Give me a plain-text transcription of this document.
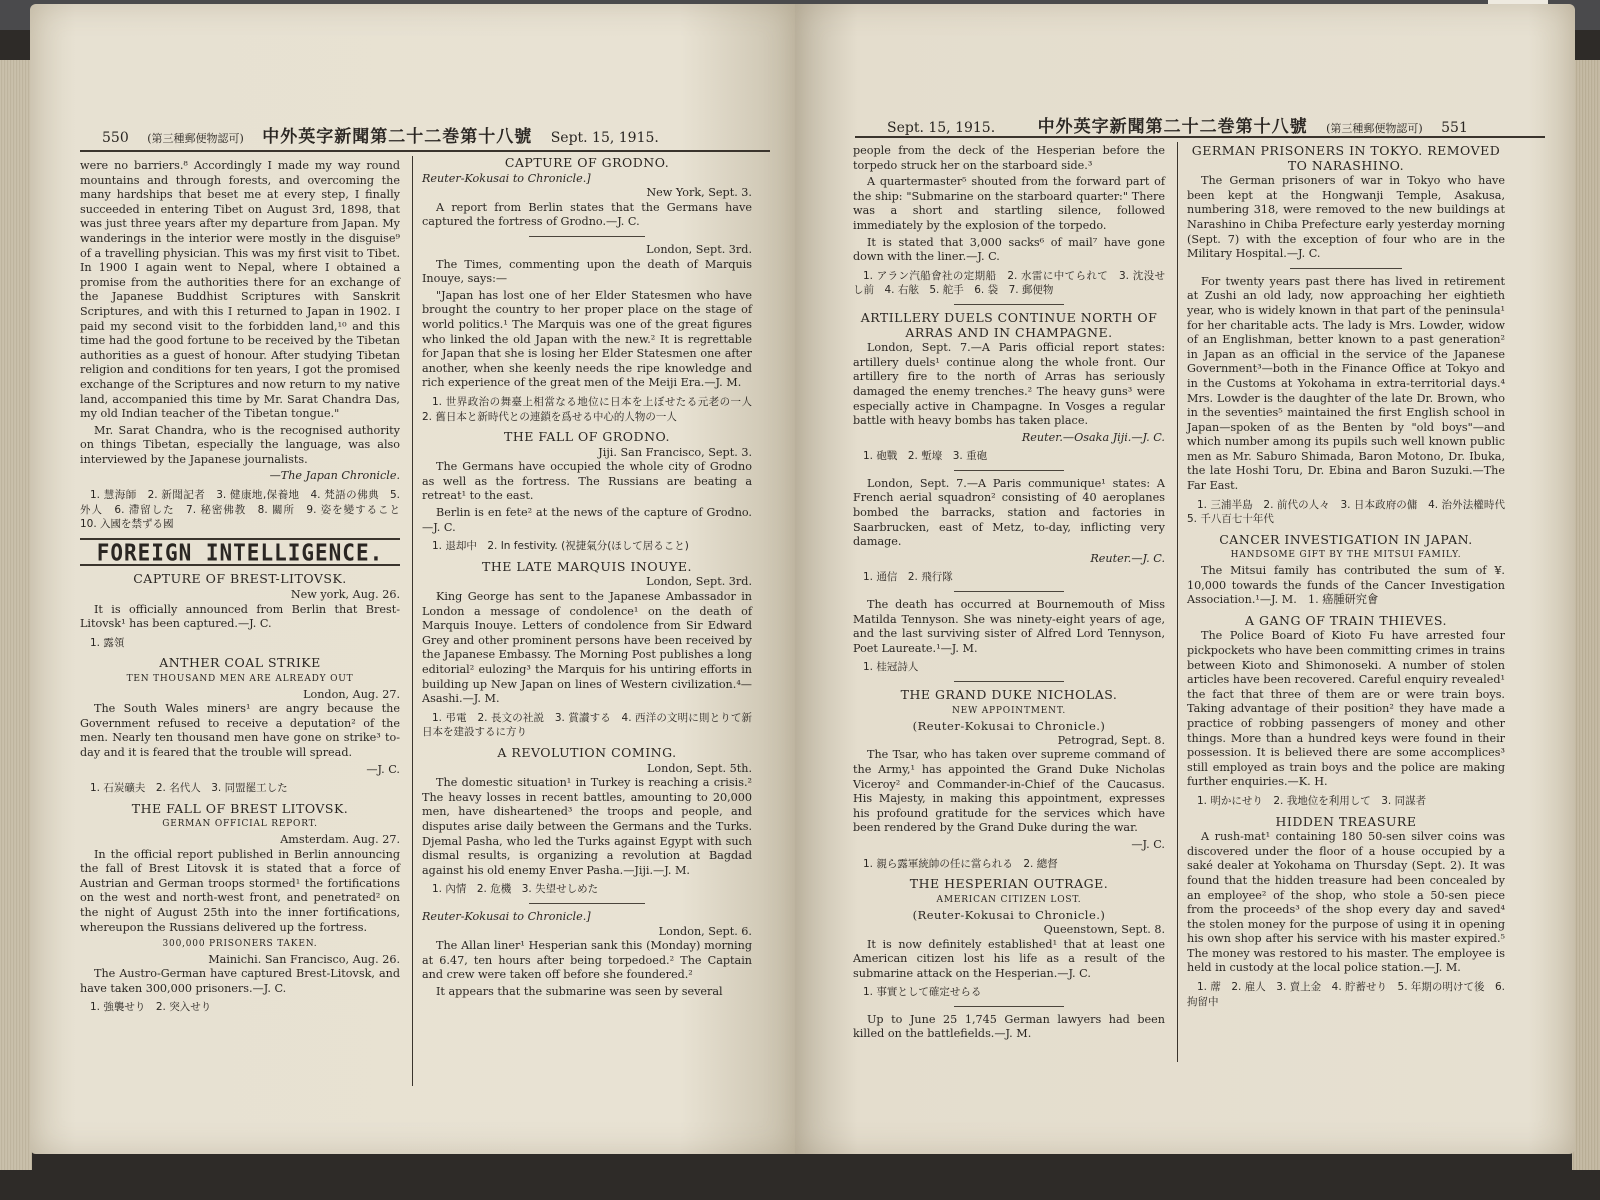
550 (第三種郵便物認可) 中外英字新聞第二十二巻第十八號 Sept. 15, 1915.

were no barriers.⁸ Accordingly I made my way round mountains and through forests, and overcoming the many hardships that beset me at every step, I finally succeeded in entering Tibet on August 3rd, 1898, that was just three years after my departure from Japan. My wanderings in the interior were mostly in the disguise⁹ of a travelling physician. This was my first visit to Tibet. In 1900 I again went to Nepal, where I obtained a promise from the authorities there for an exchange of the Japanese Buddhist Scriptures with Sanskrit Scriptures, and with this I returned to Japan in 1902. I paid my second visit to the forbidden land,¹⁰ and this time had the good fortune to be received by the Tibetan authorities as a guest of honour. After studying Tibetan religion and conditions for ten years, I got the promised exchange of the Scriptures and now return to my native land, accompanied this time by Mr. Sarat Chandra Das, my old Indian teacher of the Tibetan tongue."

Mr. Sarat Chandra, who is the recognised authority on things Tibetan, especially the language, was also interviewed by the Japanese journalists.

—The Japan Chronicle.

1. 慧海師　2. 新聞記者　3. 健康地,保養地　4. 梵語の佛典　5. 外人　6. 滯留した　7. 秘密佛教　8. 關所　9. 姿を變すること　10. 入國を禁ずる國

FOREIGN INTELLIGENCE.

CAPTURE OF BREST-LITOVSK.

New york, Aug. 26.

It is officially announced from Berlin that Brest-Litovsk¹ has been captured.—J. C.

1. 露領

ANTHER COAL STRIKE

TEN THOUSAND MEN ARE ALREADY OUT

London, Aug. 27.

The South Wales miners¹ are angry because the Government refused to receive a deputation² of the men. Nearly ten thousand men have gone on strike³ to-day and it is feared that the trouble will spread.

—J. C.

1. 石炭礦夫　2. 名代人　3. 同盟罷工した

THE FALL OF BREST LITOVSK.

GERMAN OFFICIAL REPORT.

Amsterdam. Aug. 27.

In the official report published in Berlin announcing the fall of Brest Litovsk it is stated that a force of Austrian and German troops stormed¹ the fortifications on the west and north-west front, and penetrated² on the night of August 25th into the inner fortifications, whereupon the Russians delivered up the fortress.

300,000 PRISONERS TAKEN.

Mainichi. San Francisco, Aug. 26.

The Austro-German have captured Brest-Litovsk, and have taken 300,000 prisoners.—J. C.

1. 強襲せり　2. 突入せり

CAPTURE OF GRODNO.

Reuter-Kokusai to Chronicle.]

New York, Sept. 3.

A report from Berlin states that the Germans have captured the fortress of Grodno.—J. C.

London, Sept. 3rd.

The Times, commenting upon the death of Marquis Inouye, says:—

"Japan has lost one of her Elder Statesmen who have brought the country to her proper place on the stage of world politics.¹ The Marquis was one of the great figures who linked the old Japan with the new.² It is regrettable for Japan that she is losing her Elder Statesmen one after another, when she keenly needs the ripe knowledge and rich experience of the great men of the Meiji Era.—J. M.

1. 世界政治の舞臺上相當なる地位に日本を上ぼせたる元老の一人　2. 舊日本と新時代との連鎖を爲せる中心的人物の一人

THE FALL OF GRODNO.

Jiji. San Francisco, Sept. 3.

The Germans have occupied the whole city of Grodno as well as the fortress. The Russians are beating a retreat¹ to the east.

Berlin is en fete² at the news of the capture of Grodno.—J. C.

1. 退却中　2. In festivity. (祝捷氣分(ほして居ること)

THE LATE MARQUIS INOUYE.

London, Sept. 3rd.

King George has sent to the Japanese Ambassador in London a message of condolence¹ on the death of Marquis Inouye. Letters of condolence from Sir Edward Grey and other prominent persons have been received by the Japanese Embassy. The Morning Post publishes a long editorial² eulozing³ the Marquis for his untiring efforts in building up New Japan on lines of Western civilization.⁴—Asashi.—J. M.

1. 弔電　2. 長文の社説　3. 賞讃する　4. 西洋の文明に則とりて新日本を建設するに方り

A REVOLUTION COMING.

London, Sept. 5th.

The domestic situation¹ in Turkey is reaching a crisis.² The heavy losses in recent battles, amounting to 20,000 men, have disheartened³ the troops and people, and disputes arise daily between the Germans and the Turks. Djemal Pasha, who led the Turks against Egypt with such dismal results, is organizing a revolution at Bagdad against his old enemy Enver Pasha.—Jiji.—J. M.

1. 內情　2. 危機　3. 失望せしめた

Reuter-Kokusai to Chronicle.]

London, Sept. 6.

The Allan liner¹ Hesperian sank this (Monday) morning at 6.47, ten hours after being torpedoed.² The Captain and crew were taken off before she foundered.²

It appears that the submarine was seen by several

Sept. 15, 1915. 中外英字新聞第二十二巻第十八號 (第三種郵便物認可) 551

people from the deck of the Hesperian before the torpedo struck her on the starboard side.³

A quartermaster⁵ shouted from the forward part of the ship: "Submarine on the starboard quarter:" There was a short and startling silence, followed immediately by the explosion of the torpedo.

It is stated that 3,000 sacks⁶ of mail⁷ have gone down with the liner.—J. C.

1. アラン汽船會社の定期船　2. 水雷に中てられて　3. 沈没せし前　4. 右舷　5. 舵手　6. 袋　7. 郵便物

ARTILLERY DUELS CONTINUE NORTH OF ARRAS AND IN CHAMPAGNE.

London, Sept. 7.—A Paris official report states: artillery duels¹ continue along the whole front. Our artillery fire to the north of Arras has seriously damaged the enemy trenches.² The heavy guns³ were especially active in Champagne. In Vosges a regular battle with heavy bombs has taken place.

Reuter.—Osaka Jiji.—J. C.

1. 砲戰　2. 塹壕　3. 重砲

London, Sept. 7.—A Paris communique¹ states: A French aerial squadron² consisting of 40 aeroplanes bombed the barracks, station and factories in Saarbrucken, east of Metz, to-day, inflicting very damage.

Reuter.—J. C.

1. 通信　2. 飛行隊

The death has occurred at Bournemouth of Miss Matilda Tennyson. She was ninety-eight years of age, and the last surviving sister of Alfred Lord Tennyson, Poet Laureate.¹—J. M.

1. 桂冠詩人

THE GRAND DUKE NICHOLAS.

NEW APPOINTMENT.

(Reuter-Kokusai to Chronicle.)

Petrograd, Sept. 8.

The Tsar, who has taken over supreme command of the Army,¹ has appointed the Grand Duke Nicholas Viceroy² and Commander-in-Chief of the Caucasus. His Majesty, in making this appointment, expresses his profound gratitude for the services which have been rendered by the Grand Duke during the war.

—J. C.

1. 親ら露軍統帥の任に當られる　2. 總督

THE HESPERIAN OUTRAGE.

AMERICAN CITIZEN LOST.

(Reuter-Kokusai to Chronicle.)

Queenstown, Sept. 8.

It is now definitely established¹ that at least one American citizen lost his life as a result of the submarine attack on the Hesperian.—J. C.

1. 事實として確定せらる

Up to June 25 1,745 German lawyers had been killed on the battlefields.—J. M.

GERMAN PRISONERS IN TOKYO. REMOVED TO NARASHINO.

The German prisoners of war in Tokyo who have been kept at the Hongwanji Temple, Asakusa, numbering 318, were removed to the new buildings at Narashino in Chiba Prefecture early yesterday morning (Sept. 7) with the exception of four who are in the Military Hospital.—J. C.

For twenty years past there has lived in retirement at Zushi an old lady, now approaching her eightieth year, who is widely known in that part of the peninsula¹ for her charitable acts. The lady is Mrs. Lowder, widow of an Englishman, better known to a past generation² in Japan as an official in the service of the Japanese Government³—both in the Finance Office at Tokyo and in the Customs at Yokohama in extra-territorial days.⁴ Mrs. Lowder is the daughter of the late Dr. Brown, who in the seventies⁵ maintained the first English school in Japan—spoken of as the Benten by "old boys"—and which number among its pupils such well known public men as Mr. Saburo Shimada, Baron Motono, Dr. Ibuka, the late Hoshi Toru, Dr. Ebina and Baron Suzuki.—The Far East.

1. 三浦半島　2. 前代の人々　3. 日本政府の傭　4. 治外法權時代　5. 千八百七十年代

CANCER INVESTIGATION IN JAPAN.

HANDSOME GIFT BY THE MITSUI FAMILY.

The Mitsui family has contributed the sum of ¥. 10,000 towards the funds of the Cancer Investigation Association.¹—J. M.　1. 癌腫研究會

A GANG OF TRAIN THIEVES.

The Police Board of Kioto Fu have arrested four pickpockets who have been committing crimes in trains between Kioto and Shimonoseki. A number of stolen articles have been recovered. Careful enquiry revealed¹ the fact that three of them are or were train boys. Taking advantage of their position² they have made a practice of robbing passengers of money and other things. More than a hundred keys were found in their possession. It is believed there are some accomplices³ still employed as train boys and the police are making further enquiries.—K. H.

1. 明かにせり　2. 我地位を利用して　3. 同謀者

HIDDEN TREASURE

A rush-mat¹ containing 180 50-sen silver coins was discovered under the floor of a house occupied by a saké dealer at Yokohama on Thursday (Sept. 2). It was found that the hidden treasure had been concealed by an employee² of the shop, who stole a 50-sen piece from the proceeds³ of the shop every day and saved⁴ the stolen money for the purpose of using it in opening his own shop after his service with his master expired.⁵ The money was restored to his master. The employee is held in custody at the local police station.—J. M.

1. 蓆　2. 雇人　3. 賣上金　4. 貯蓄せり　5. 年期の明けて後　6. 拘留中
